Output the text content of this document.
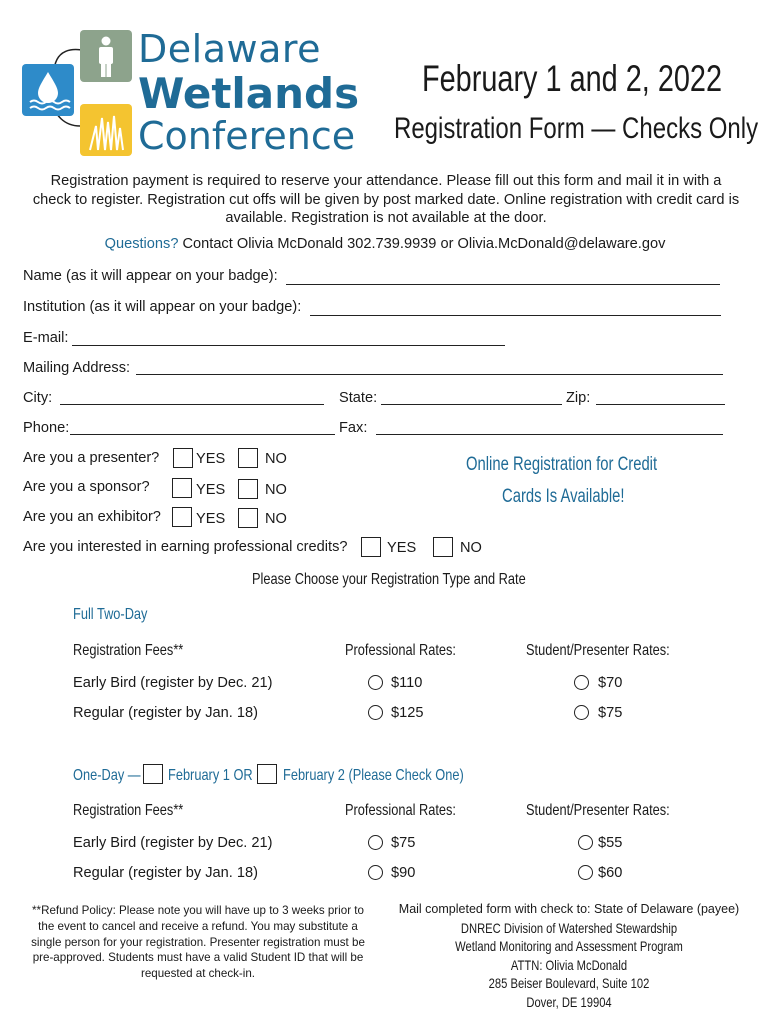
Delaware
Wetlands
Conference
February 1 and 2, 2022
Registration Form — Checks Only
Registration payment is required to reserve your attendance. Please fill out this form and mail it in with a check to register. Registration cut offs will be given by post marked date. Online registration with credit card is available. Registration is not available at the door.
Questions? Contact Olivia McDonald 302.739.9939 or Olivia.McDonald@delaware.gov
Name (as it will appear on your badge):
Institution (as it will appear on your badge):
E-mail:
Mailing Address:
City:	State:	Zip:
Phone:	Fax:
Are you a presenter?	YES	NO
Are you a sponsor?	YES	NO
Are you an exhibitor? YES	NO
Are you interested in earning professional credits?	YES	NO
Online Registration for Credit
Cards Is Available!
Please Choose your Registration Type and Rate
Full Two-Day
Registration Fees**	Professional Rates:	Student/Presenter Rates:
Early Bird (register by Dec. 21)	$110	$70
Regular (register by Jan. 18)	$125	$75
One-Day — February 1 OR February 2 (Please Check One)
Registration Fees**	Professional Rates:	Student/Presenter Rates:
Early Bird (register by Dec. 21)	$75	$55
Regular (register by Jan. 18)	$90	$60
**Refund Policy: Please note you will have up to 3 weeks prior to the event to cancel and receive a refund. You may substitute a single person for your registration. Presenter registration must be pre-approved. Students must have a valid Student ID that will be requested at check-in.
Mail completed form with check to: State of Delaware (payee)
DNREC Division of Watershed Stewardship
Wetland Monitoring and Assessment Program
ATTN: Olivia McDonald
285 Beiser Boulevard, Suite 102
Dover, DE 19904
